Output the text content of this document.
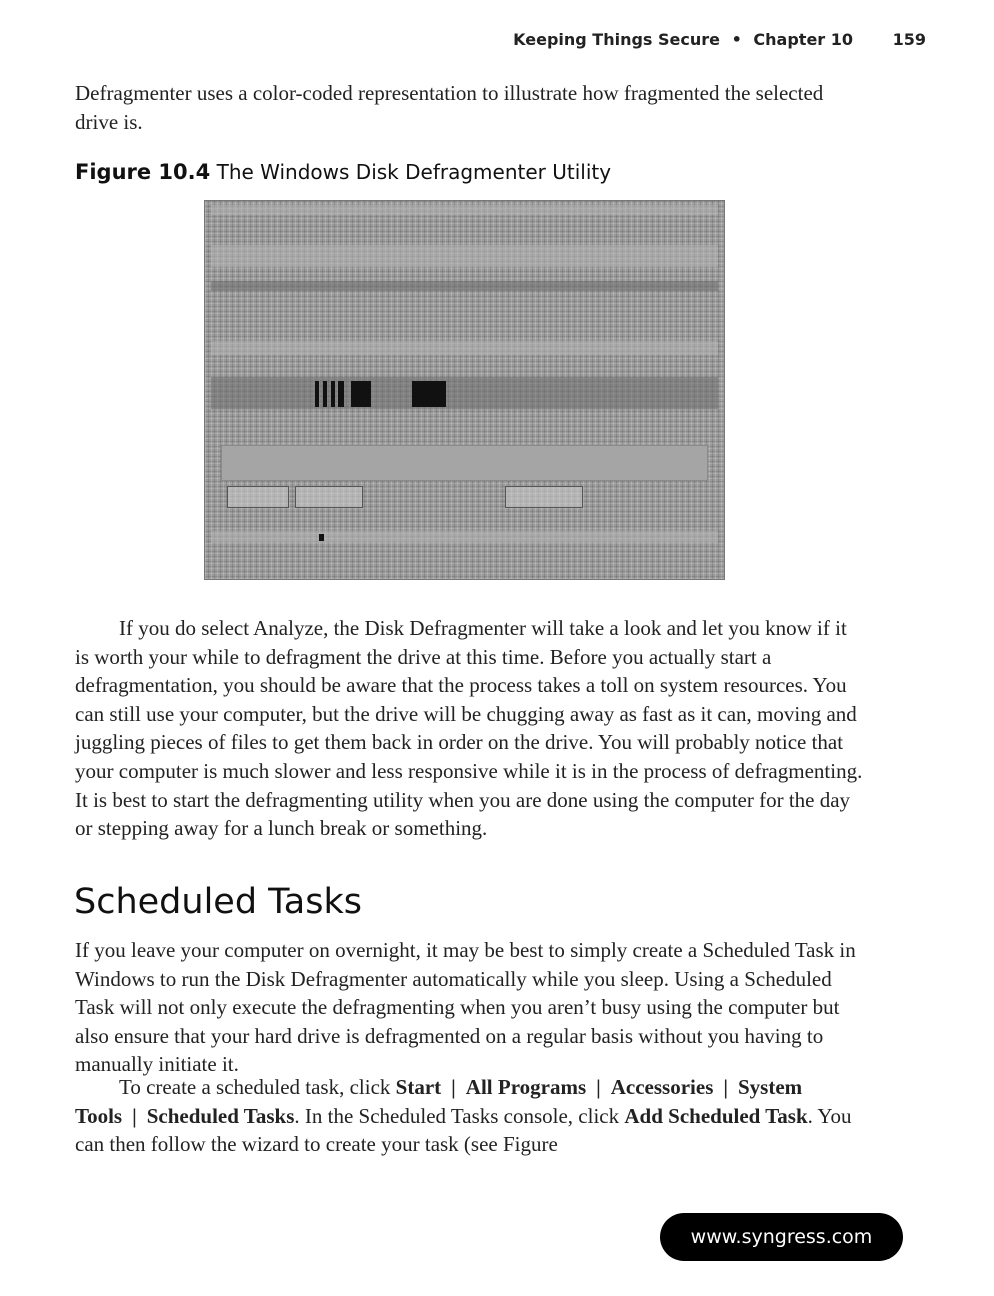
Keeping Things Secure • Chapter 10 159
Defragmenter uses a color-coded representation to illustrate how fragmented the selected drive is.
Figure 10.4 The Windows Disk Defragmenter Utility
If you do select Analyze, the Disk Defragmenter will take a look and let you know if it is worth your while to defragment the drive at this time. Before you actually start a defragmentation, you should be aware that the process takes a toll on system resources. You can still use your computer, but the drive will be chugging away as fast as it can, moving and juggling pieces of files to get them back in order on the drive. You will probably notice that your computer is much slower and less responsive while it is in the process of defragmenting. It is best to start the defragmenting utility when you are done using the computer for the day or stepping away for a lunch break or something.
Scheduled Tasks
If you leave your computer on overnight, it may be best to simply create a Scheduled Task in Windows to run the Disk Defragmenter automatically while you sleep. Using a Scheduled Task will not only execute the defragmenting when you aren’t busy using the computer but also ensure that your hard drive is defragmented on a regular basis without you having to manually initiate it.
To create a scheduled task, click Start | All Programs | Accessories | System Tools | Scheduled Tasks. In the Scheduled Tasks console, click Add Scheduled Task. You can then follow the wizard to create your task (see Figure
www.syngress.com
